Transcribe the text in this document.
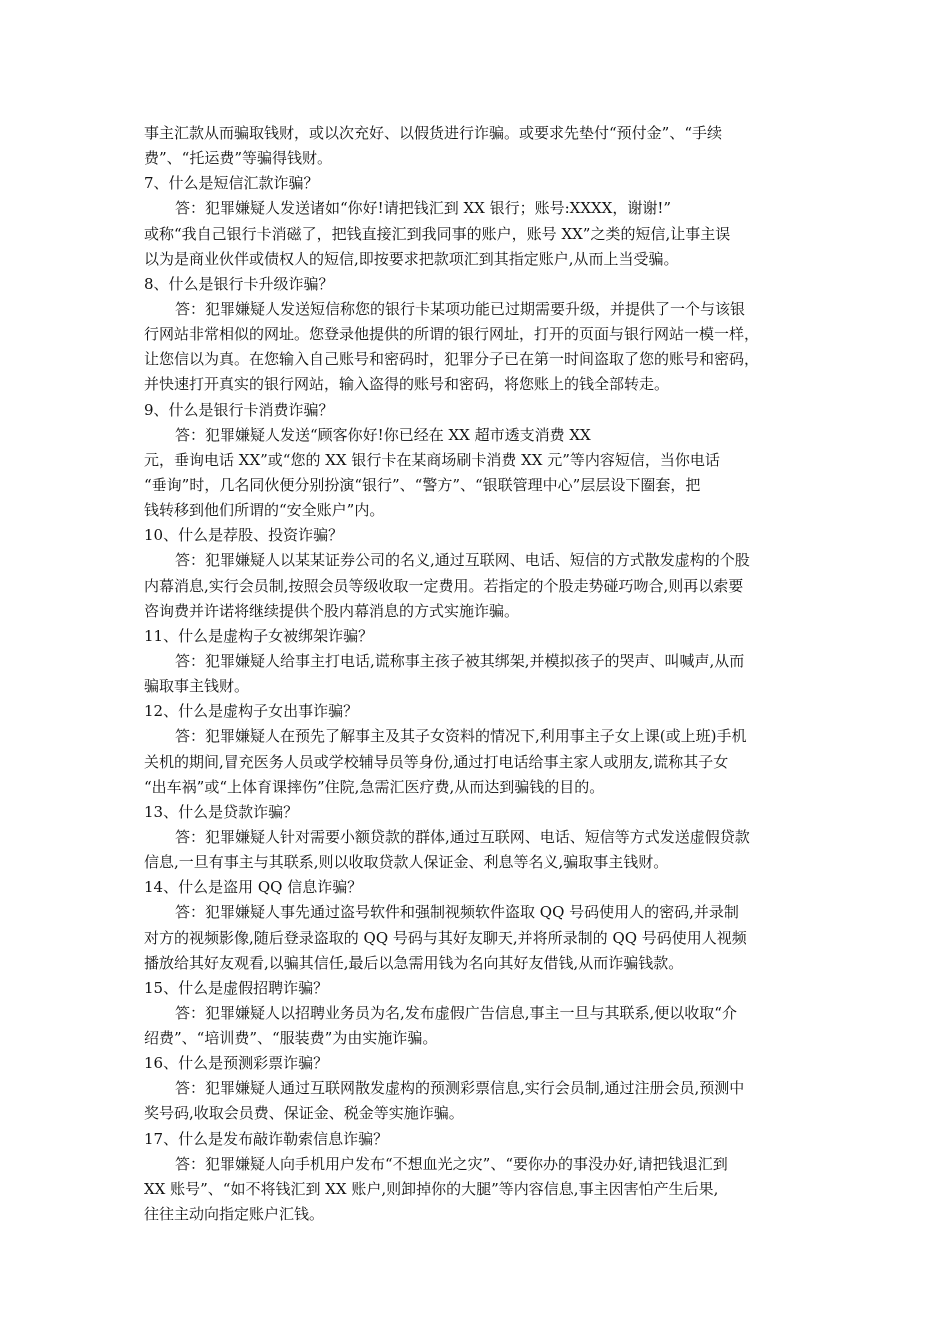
事主汇款从而骗取钱财，或以次充好、以假货进行诈骗。或要求先垫付“预付金”、“手续
费”、“托运费”等骗得钱财。
7、什么是短信汇款诈骗？
答：犯罪嫌疑人发送诸如“你好!请把钱汇到 XX 银行；账号:XXXX，谢谢!”
或称“我自己银行卡消磁了，把钱直接汇到我同事的账户，账号 XX”之类的短信,让事主误
以为是商业伙伴或债权人的短信,即按要求把款项汇到其指定账户,从而上当受骗。
8、什么是银行卡升级诈骗？
答：犯罪嫌疑人发送短信称您的银行卡某项功能已过期需要升级，并提供了一个与该银
行网站非常相似的网址。您登录他提供的所谓的银行网址，打开的页面与银行网站一模一样，
让您信以为真。在您输入自己账号和密码时，犯罪分子已在第一时间盗取了您的账号和密码，
并快速打开真实的银行网站，输入盗得的账号和密码，将您账上的钱全部转走。
9、什么是银行卡消费诈骗？
答：犯罪嫌疑人发送“顾客你好!你已经在 XX 超市透支消费 XX
元，垂询电话 XX”或“您的 XX 银行卡在某商场刷卡消费 XX 元”等内容短信，当你电话
“垂询”时，几名同伙便分别扮演“银行”、“警方”、“银联管理中心”层层设下圈套，把
钱转移到他们所谓的“安全账户”内。
10、什么是荐股、投资诈骗？
答：犯罪嫌疑人以某某证券公司的名义,通过互联网、电话、短信的方式散发虚构的个股
内幕消息,实行会员制,按照会员等级收取一定费用。若指定的个股走势碰巧吻合,则再以索要
咨询费并许诺将继续提供个股内幕消息的方式实施诈骗。
11、什么是虚构子女被绑架诈骗？
答：犯罪嫌疑人给事主打电话,谎称事主孩子被其绑架,并模拟孩子的哭声、叫喊声,从而
骗取事主钱财。
12、什么是虚构子女出事诈骗？
答：犯罪嫌疑人在预先了解事主及其子女资料的情况下,利用事主子女上课(或上班)手机
关机的期间,冒充医务人员或学校辅导员等身份,通过打电话给事主家人或朋友,谎称其子女
“出车祸”或“上体育课摔伤”住院,急需汇医疗费,从而达到骗钱的目的。
13、什么是贷款诈骗？
答：犯罪嫌疑人针对需要小额贷款的群体,通过互联网、电话、短信等方式发送虚假贷款
信息,一旦有事主与其联系,则以收取贷款人保证金、利息等名义,骗取事主钱财。
14、什么是盗用 QQ 信息诈骗？
答：犯罪嫌疑人事先通过盗号软件和强制视频软件盗取 QQ 号码使用人的密码,并录制
对方的视频影像,随后登录盗取的 QQ 号码与其好友聊天,并将所录制的 QQ 号码使用人视频
播放给其好友观看,以骗其信任,最后以急需用钱为名向其好友借钱,从而诈骗钱款。
15、什么是虚假招聘诈骗？
答：犯罪嫌疑人以招聘业务员为名,发布虚假广告信息,事主一旦与其联系,便以收取“介
绍费”、“培训费”、“服装费”为由实施诈骗。
16、什么是预测彩票诈骗？
答：犯罪嫌疑人通过互联网散发虚构的预测彩票信息,实行会员制,通过注册会员,预测中
奖号码,收取会员费、保证金、税金等实施诈骗。
17、什么是发布敲诈勒索信息诈骗？
答：犯罪嫌疑人向手机用户发布“不想血光之灾”、“要你办的事没办好,请把钱退汇到
XX 账号”、“如不将钱汇到 XX 账户,则卸掉你的大腿”等内容信息,事主因害怕产生后果,
往往主动向指定账户汇钱。
